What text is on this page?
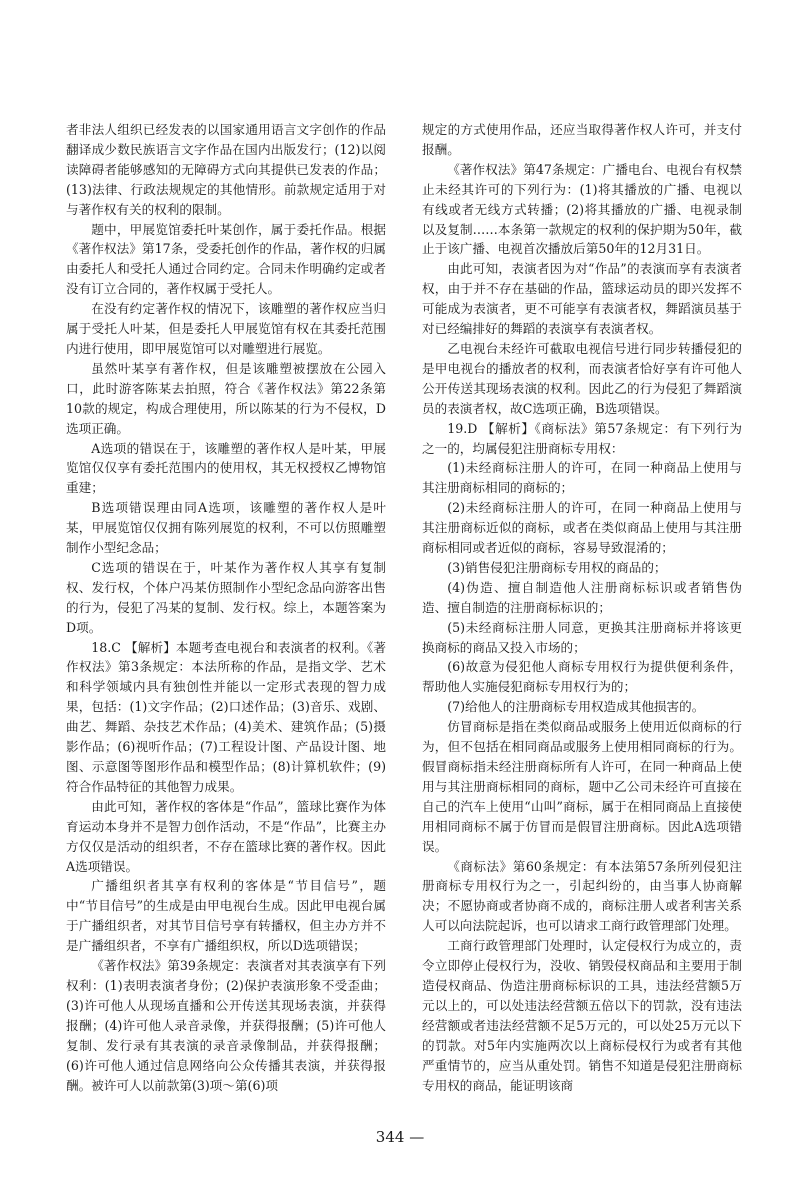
者非法人组织已经发表的以国家通用语言文字创作的作品翻译成少数民族语言文字作品在国内出版发行；(12)以阅读障碍者能够感知的无障碍方式向其提供已发表的作品；(13)法律、行政法规规定的其他情形。前款规定适用于对与著作权有关的权利的限制。

题中，甲展览馆委托叶某创作，属于委托作品。根据《著作权法》第17条，受委托创作的作品，著作权的归属由委托人和受托人通过合同约定。合同未作明确约定或者没有订立合同的，著作权属于受托人。

在没有约定著作权的情况下，该雕塑的著作权应当归属于受托人叶某，但是委托人甲展览馆有权在其委托范围内进行使用，即甲展览馆可以对雕塑进行展览。

虽然叶某享有著作权，但是该雕塑被摆放在公园入口，此时游客陈某去拍照，符合《著作权法》第22条第10款的规定，构成合理使用，所以陈某的行为不侵权，D选项正确。

A选项的错误在于，该雕塑的著作权人是叶某，甲展览馆仅仅享有委托范围内的使用权，其无权授权乙博物馆重建；

B选项错误理由同A选项，该雕塑的著作权人是叶某，甲展览馆仅仅拥有陈列展览的权利，不可以仿照雕塑制作小型纪念品；

C选项的错误在于，叶某作为著作权人其享有复制权、发行权，个体户冯某仿照制作小型纪念品向游客出售的行为，侵犯了冯某的复制、发行权。综上，本题答案为D项。

18.C 【解析】本题考查电视台和表演者的权利。《著作权法》第3条规定：本法所称的作品，是指文学、艺术和科学领域内具有独创性并能以一定形式表现的智力成果，包括：(1)文字作品；(2)口述作品；(3)音乐、戏剧、曲艺、舞蹈、杂技艺术作品；(4)美术、建筑作品；(5)摄影作品；(6)视听作品；(7)工程设计图、产品设计图、地图、示意图等图形作品和模型作品；(8)计算机软件；(9)符合作品特征的其他智力成果。

由此可知，著作权的客体是“作品”，篮球比赛作为体育运动本身并不是智力创作活动，不是“作品”，比赛主办方仅仅是活动的组织者，不存在篮球比赛的著作权。因此A选项错误。

广播组织者其享有权利的客体是“节目信号”，题中“节目信号”的生成是由甲电视台生成。因此甲电视台属于广播组织者，对其节目信号享有转播权，但主办方并不是广播组织者，不享有广播组织权，所以D选项错误；

《著作权法》第39条规定：表演者对其表演享有下列权利：(1)表明表演者身份；(2)保护表演形象不受歪曲；(3)许可他人从现场直播和公开传送其现场表演，并获得报酬；(4)许可他人录音录像，并获得报酬；(5)许可他人复制、发行录有其表演的录音录像制品，并获得报酬；(6)许可他人通过信息网络向公众传播其表演，并获得报酬。被许可人以前款第(3)项～第(6)项

规定的方式使用作品，还应当取得著作权人许可，并支付报酬。

《著作权法》第47条规定：广播电台、电视台有权禁止未经其许可的下列行为：(1)将其播放的广播、电视以有线或者无线方式转播；(2)将其播放的广播、电视录制以及复制……本条第一款规定的权利的保护期为50年，截止于该广播、电视首次播放后第50年的12月31日。

由此可知，表演者因为对“作品”的表演而享有表演者权，由于并不存在基础的作品，篮球运动员的即兴发挥不可能成为表演者，更不可能享有表演者权，舞蹈演员基于对已经编排好的舞蹈的表演享有表演者权。

乙电视台未经许可截取电视信号进行同步转播侵犯的是甲电视台的播放者的权利，而表演者恰好享有许可他人公开传送其现场表演的权利。因此乙的行为侵犯了舞蹈演员的表演者权，故C选项正确，B选项错误。

19.D 【解析】《商标法》第57条规定：有下列行为之一的，均属侵犯注册商标专用权：

(1)未经商标注册人的许可，在同一种商品上使用与其注册商标相同的商标的；

(2)未经商标注册人的许可，在同一种商品上使用与其注册商标近似的商标，或者在类似商品上使用与其注册商标相同或者近似的商标，容易导致混淆的；

(3)销售侵犯注册商标专用权的商品的；

(4)伪造、擅自制造他人注册商标标识或者销售伪造、擅自制造的注册商标标识的；

(5)未经商标注册人同意，更换其注册商标并将该更换商标的商品又投入市场的；

(6)故意为侵犯他人商标专用权行为提供便利条件，帮助他人实施侵犯商标专用权行为的；

(7)给他人的注册商标专用权造成其他损害的。

仿冒商标是指在类似商品或服务上使用近似商标的行为，但不包括在相同商品或服务上使用相同商标的行为。假冒商标指未经注册商标所有人许可，在同一种商品上使用与其注册商标相同的商标，题中乙公司未经许可直接在自己的汽车上使用“山叫”商标，属于在相同商品上直接使用相同商标不属于仿冒而是假冒注册商标。因此A选项错误。

《商标法》第60条规定：有本法第57条所列侵犯注册商标专用权行为之一，引起纠纷的，由当事人协商解决；不愿协商或者协商不成的，商标注册人或者利害关系人可以向法院起诉，也可以请求工商行政管理部门处理。

工商行政管理部门处理时，认定侵权行为成立的，责令立即停止侵权行为，没收、销毁侵权商品和主要用于制造侵权商品、伪造注册商标标识的工具，违法经营额5万元以上的，可以处违法经营额五倍以下的罚款，没有违法经营额或者违法经营额不足5万元的，可以处25万元以下的罚款。对5年内实施两次以上商标侵权行为或者有其他严重情节的，应当从重处罚。销售不知道是侵犯注册商标专用权的商品，能证明该商

344 —
